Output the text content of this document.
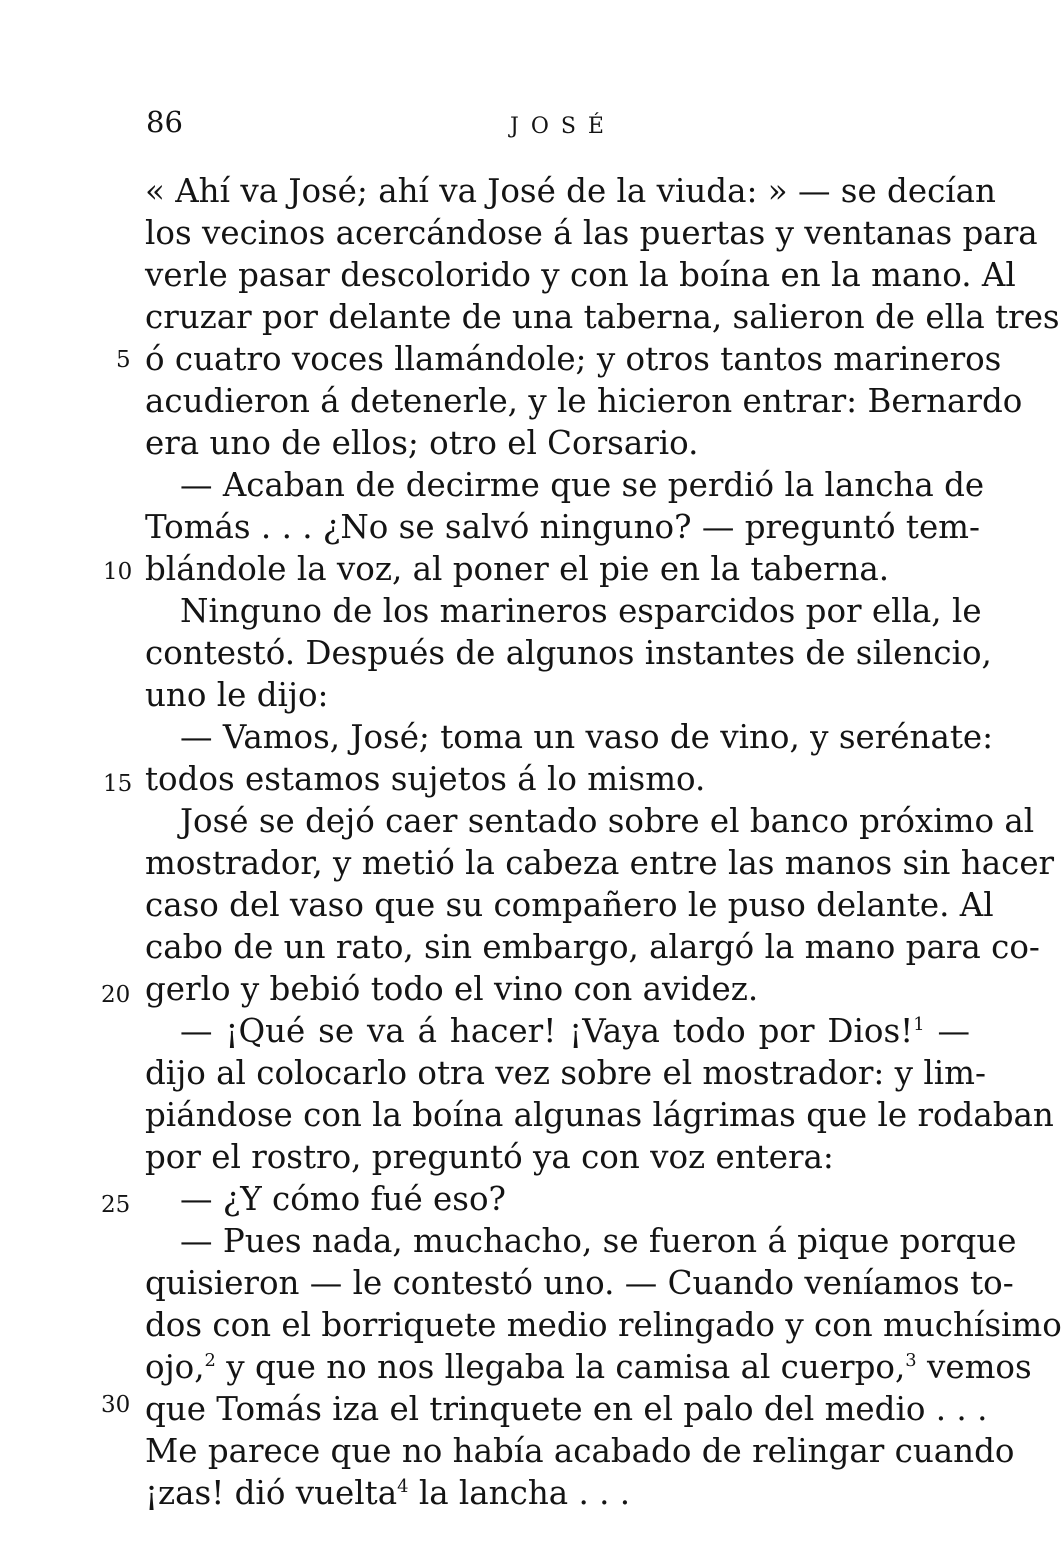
86	JOSÉ
5
10
15
20
25
30
« Ahí va José; ahí va José de la viuda: » — se decían
los vecinos acercándose á las puertas y ventanas para
verle pasar descolorido y con la boína en la mano. Al
cruzar por delante de una taberna, salieron de ella tres
ó cuatro voces llamándole; y otros tantos marineros
acudieron á detenerle, y le hicieron entrar: Bernardo
era uno de ellos; otro el Corsario.
— Acaban de decirme que se perdió la lancha de
Tomás . . . ¿No se salvó ninguno? — preguntó tem-
blándole la voz, al poner el pie en la taberna.
Ninguno de los marineros esparcidos por ella, le
contestó. Después de algunos instantes de silencio,
uno le dijo:
— Vamos, José; toma un vaso de vino, y serénate:
todos estamos sujetos á lo mismo.
José se dejó caer sentado sobre el banco próximo al
mostrador, y metió la cabeza entre las manos sin hacer
caso del vaso que su compañero le puso delante. Al
cabo de un rato, sin embargo, alargó la mano para co-
gerlo y bebió todo el vino con avidez.
— ¡Qué se va á hacer! ¡Vaya todo por Dios!$^1$ —
dijo al colocarlo otra vez sobre el mostrador: y lim-
piándose con la boína algunas lágrimas que le rodaban
por el rostro, preguntó ya con voz entera:
— ¿Y cómo fué eso?
— Pues nada, muchacho, se fueron á pique porque
quisieron — le contestó uno. — Cuando veníamos to-
dos con el borriquete medio relingado y con muchísimo
ojo,$^2$ y que no nos llegaba la camisa al cuerpo,$^3$ vemos
que Tomás iza el trinquete en el palo del medio . . .
Me parece que no había acabado de relingar cuando
¡zas! dió vuelta$^4$ la lancha . . .
